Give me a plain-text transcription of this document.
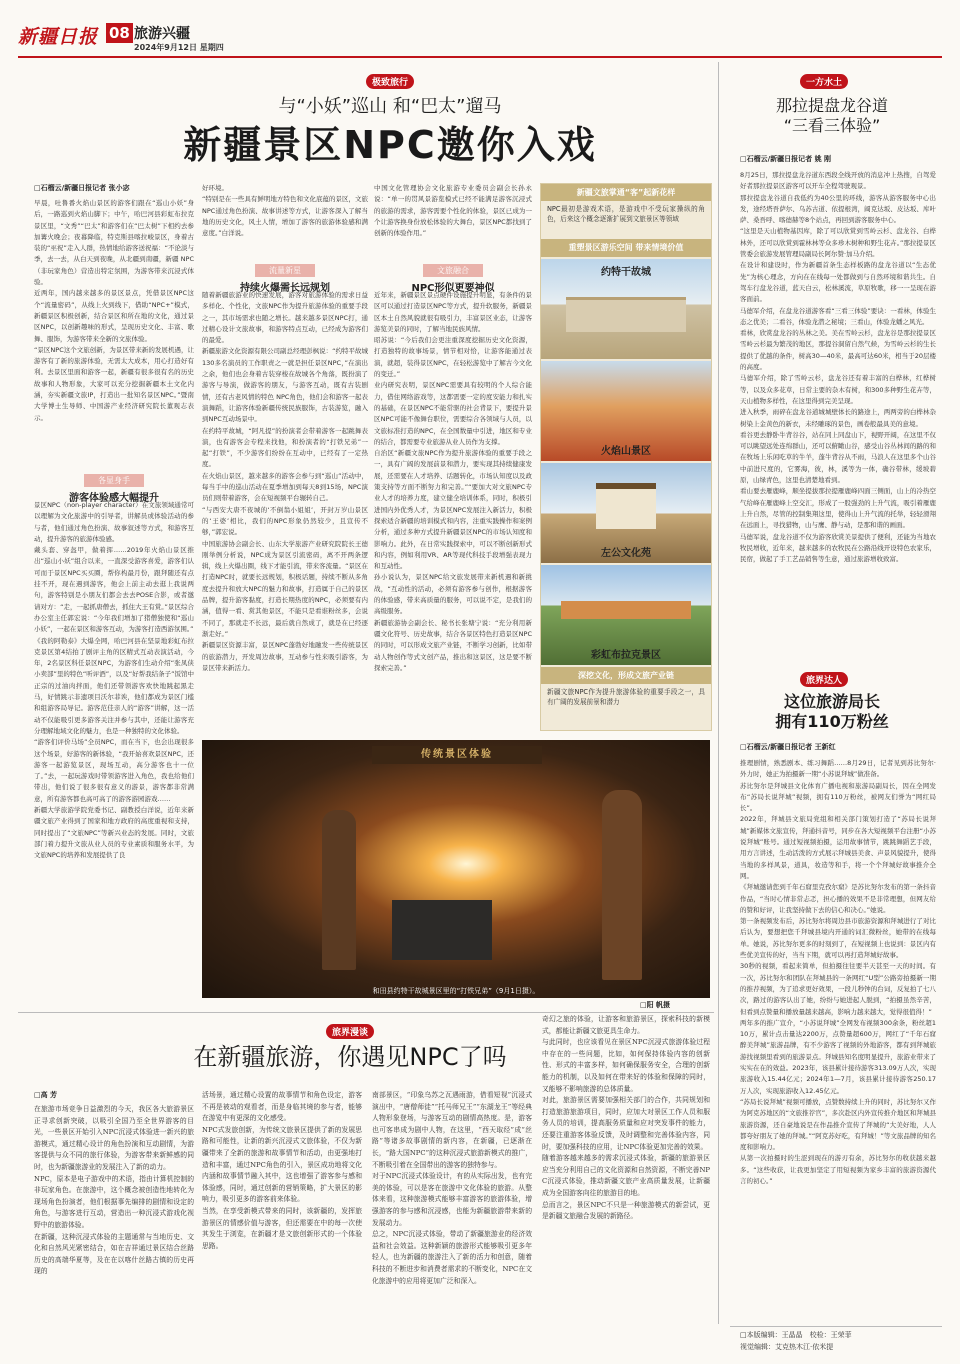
新疆日报 08 旅游兴疆
2024年9月12日 星期四
极致旅行
与“小妖”巡山 和“巴太”遛马
新疆景区NPC邀你入戏
□石榴云/新疆日报记者 张小宓
早晨，吐鲁番火焰山景区的游客们跟在“巡山小妖”身后，一路巡到火焰山脚下；中午，哈巴河县彩虹布拉克景区里，“文秀”“巴太”和游客们在“巴太树”下相约去参加篝火晚会；夜幕降临，特克斯县喀拉峻景区，身着古装的“巫祝”走入人群，热情地给游客送祝福：“不论淡与季，去一去，从白天到夜晚，从北疆到南疆，新疆 NPC（非玩家角色）营造出特定氛围，为游客带来沉浸式体验。
近两年，国内越来越多的景区景点，凭借景区NPC这个“流量密码”，从线上火到线下，借助“NPC+”模式，新疆景区积极创新，结合景区和所在地的文化，通过景区NPC，以创新趣味的形式，呈现历史文化、丰富、歌舞、服饰，为游客带来全新的文旅体验。
“景区NPC这个文旅创新，为景区带来新的发展机遇，让游客有了新的旅游体验，无需太大成本，用心打造好有利。去景区里面和游客一起，新疆有很多很有名的历史故事和人物形象，大家可以充分挖掘新疆本土文化内涵，夯实新疆文旅IP，打造出一批知名景区NPC。”暨南大学博士生导师、中国游产业经济研究院长董观志表示。
各显身手
游客体验感大幅提升
景区NPC（non-player character）在文旅领域通常可以理解为文化旅游中的引导者，讲解员或体验活动的参与者，他们通过角色扮演、故事叙述等方式，和游客互动，提升游客的旅游体验感。
戴头套、穿盔甲，做着挥……2019年火焰山景区推出“巡山小妖”组合以来，一直深受游客喜爱，游客们认可而于景区NPC买买圈，帮你构最月份，跟拜随还有点挂不开，现在遇到游客，他会上前主动去逛上我说两句，游客特别是小朋友们都会去去POSE合影，或者邀请对方：“走，一起抓唐僧去，抓住大王有赏。”景区综合办公室主任郭宏说：“今年我们增加了猪僧独使和“巡山小妖”，一起在景区和游客互动，为游客打造西游氛围。”
《我的阿勒泰》大爆全网，哈巴河县在坚景地彩虹布拉克景区第4结拍了剧评主角的区精式互动表演活动，今年，2名景区科任景区NPC，为游客们生动介绍“张凤侠小卖部”里的特色“听评酒”，以及“好帮我结条子”饭馆中正宗的过油肉拌面，他们还带领游客欢快地跳起黑走马，好情跳示非遗项目沃尔菲诶，他们都成为景区门槛和组游客局导记。游客范佳亲人的“游客”讲解，这一活动不仅能吸引更多游客关注并参与其中，还能让游客充分理解地域文化的魅力，也是一种独特的文化体验。
“游客们评价马场”全员NPC，而在当下，也会出现很多这个场景，好游客的新体验，“我开始喜欢景区NPC，还游客一起游览景区，现场互动，高分游客也十一位了。”去，一起玩游戏时带领游客进入角色，我也给他们带出，他们说了很多很有意义的游景，游客都非常满意，所有游客都也高可高了的游客游园游戏……
新疆大学旅游学院党委书记、副教授白洋说，近年来新疆文旅产业得到了国家和地方政府的高度重视和支持，同时提出了“文旅NPC”等新兴业态的发展。同时，文旅部门着力提升文旅从业人员的专业素质和服务水平，为文旅NPC的培养和发展提供了良
好环境。
“特别是在一些具有鲜明地方特色和文化底蕴的景区，文旅NPC通过角色扮演、故事讲述等方式，让游客深入了解当地的历史文化，风土人情，增加了游客的旅游体验感和满意度。”白洋说。
流量新星
持续火爆需长远规划
随着新疆旅游业的快速发展，游客对旅游体验的需求日益多样化、个性化，文旅NPC作为提升旅游体验的重要手段之一，其市场需求也随之增长。越来越多景区NPC打，通过精心设计文旅故事，和游客特点互动，已经成为游客们的最爱。
新疆旅游文化资源有限公司副总经理彭枫说：“约特平故城130多名演员的工作职责之一就是担任景区NPC，”在演出之余，他们也会身着古装穿梭在故城各个角落，既扮演了游客与导演，做游客的朋友，与游客互动，既有古装剧情，还有古老风情的特色 NPC角色，他们会和游客一起表演舞蹈，让游客体验新疆传统民族服饰，古装游览，融入到NPC互动场景中。
在约特平故城，“阿凡提”的扮演者会带着游客一起跳舞表演，也有游客会专程来找他，和扮演者的“打铁兄弟”一起“打铁”，不少游客们纷纷在互动中，已经有了一定热度。
在火焰山景区，越来越多的游客会参与到“巡山”活动中，每当手中的巡山活动在夏季增加到每天8到15场，NPC演员们则带着游客，会在短视频平台辗转自己。
“与西安大唐不夜城的‘不倒翁小姐姐’，开封万岁山景区的‘王婆’相比，我们的NPC形象仍然较少，且宣传不够，”郭宏说。
中国旅游协会副会长、山东大学旅游产业研究院院长王德刚举例分析说，NPC成为景区引流密码，离不开两条逻辑，线上火爆出圈，线下才能引流，带来客流量。“景区在打造NPC时，就要长远规划，积极话题，持续不断从多角度去提升和放大NPC的魅力和故事，打造属于自己的景区品牌，提升游客黏度，打造长期热度的NPC，必须要有内涵，值得一看、赏其他景区，不能只是看谁粉丝多，会说不同了，那就走不长远，最后就自然成了，就是在已经逐渐走好。”
新疆景区资源丰富，景区NPC蓬勃好地融发一些传统景区的旅游潜力，开发周边故事，互动参与性来吸引游客，为景区带来新活力。
中国文化管理协会文化旅游专业委员会副会长孙永说：“单一的贯风景游览模式已经不能满足游客沉浸式的旅游的需求，游客需要个性化的体验，景区已成为一个让游客换身份放松体验的大舞台，景区NPC都找到了创新的体验作用。”
文旅融合
NPC形似更要神似
近年来，新疆景区景点硬件设施提升明显，有条件的景区可以通过打造景区NPC等方式，提升软服务，新疆景区本土自然风貌就很有吸引力，丰富景区业态，让游客游览美景的同时，了解当地民族风情。
昭苏说：“今后我们会更注重深度挖掘历史文化资源，打造独特的故事场景，情节相对恰，让游客能通过表演，就超，装得景区NPC，在轻松游览中了解古今文化的变迁。”
业内研究表明，景区NPC需要具有较明的个人综合能力，借住网络游戏等，这都需要一定的度安能力和扎实的基础，在景区NPC不能常驱的社会背景下，要提升景区NPC可能不像舞台职位，需要综合各领域与人员，以文旅标准打造的NPC，在全国数量中引进，地区和专业的结合，都需要专业旅游从业人员作为支撑。
自治区“新疆文旅NPC作为提升旅游体验的重要手段之一，具有广阔的发展前景和潜力，要实现其持续健康发展，还需要在人才培养、话题转化，市场认知度以及政策支持等方面不断努力和完善。”“要加大对文旅NPC专业人才的培养力度，建立健全培训体系，同时，积极引进国内外优秀人才，为景区NPC发展注入新活力，积极探索适合新疆的培训模式和内容，注重实践操作和案例分析，通过多种方式提升新疆景区NPC的市场认知度和影响力。此外，在日常实践探索中，可以不断创新形式和内容，例如利用VR、AR等现代科技手段增强表现力和互动性。
孙小说认为，景区NPC给文旅发展带来新机遇和新挑战，“互动性的活动，必须有游客参与创作，根据游客的体验感，带来高质量的服务，可以说不定，是我们的高级服务。
新疆旅游协会副会长、秘书长张塘宁说：“充分利用新疆文化符号、历史故事，结合各景区特色打造景区NPC的同时，可以形成文旅产业链，不断学习创新，比如带动人物创作等式文创产品，推出和这景区，这是要不断探索完善。”
新疆文旅掌通“客”起新花样
NPC最初是游戏术语，是游戏中不受玩家操纵的角色，后来这个概念逐渐扩展到文旅景区等领域
重塑景区游乐空间 带来情境价值
约特干故城
火焰山景区
左公文化苑
彩虹布拉克景区
深挖文化，形成文旅产业链
新疆文旅NPC作为提升旅游体验的重要手段之一，具有广阔的发展前景和潜力
传统景区体验
和田县约特干故城景区里的“打铁兄弟”（9月1日摄）。
□阳 帆摄
一方水土
那拉提盘龙谷道
“三看三体验”
□石榴云/新疆日报记者 姚 刚
8月25日，那拉提盘龙谷道东西段全线开放的消息冲上热搜，自驾爱好者那拉提景区游客可以开车全程驾驶观景。
那拉提盘龙谷道自我低约为40公里的环线，游客从游客服务中心出发，途经塔吾萨尔、乌苏古道、依提根湾，阔克达坂、皮达坂、库叶萨、桑吾呼、喀德赫等8个站点，再回到游客服务中心。
“这里是天山植物基因库，除了可以欣赏到雪岭云杉、盘龙谷、白桦林外，还可以欣赏到霍林林等众多珍木树种和野生花卉。”那拉提景区管委会旅游发展管理局副局长阿尔赞·加马介绍。
在设计和建设时，作为新疆首条生态样板路的盘龙谷道以“生态优先”为核心理念，方向在在线每一处都做到与自然环境和谐共生。自驾车行盘龙谷道，蓝天白云，松林溪流，草原牧歌，移一一呈现在游客面前。
马德军介绍，在盘龙谷道游客看“三看三体验”要诀：一看林，体验生态之优美；二看谷，体验龙潜之秘境；三看山，体验龙蟠之风光。
看林，欣赏盘龙谷的丛林之美。美在雪岭云杉，盘龙谷是那拉提景区雪岭云杉最为繁茂的地区，那提谷洞留自然气候，为雪岭云杉的生长提供了优越的条件，树高30—40米，最高可达60米，相当于20层楼的高度。
马德军介绍，除了雪岭云杉，盘龙谷还有着丰富的白桦林，红桦树等，以及众多花草，日常主要的杂木有树，和300多种野生花卉等，天山植物多样性，在这里得到完美呈现。
进入秋季，雨碎在盘龙谷道城城壁体长的路途上，两两旁的白桦林杂树染上金黄色的新衣，未经雕琢的景色，画卷般最具美的意境。
看谷更去静卧牛背谷谷，站在同上同盘山下，视野开阔，在这里不仅可以眺望远处连绵群山，还可以俯瞰山谷，感受山谷丛林间的路的和在牧场上乐闲吃草的牛羊，蓬牛背谷从不雨，马浪人在这里多个山谷中前进尺度的，它雾海，彼，林，溪等为一体，确谷带林，缓坡碧原，山绿青色，这里也清楚地看到。
看山要去雁鹿峰，顺坐提拔那拉提雁鹿峰四面三侧面，山上的冷热空气给峰在雁鹿峰上空交汇，形成了一股强劲的上升气流，吸引着雁鹿上升自然，尽管的控制集翔这里，使得山上升气流的托举，轻轻滑翔在远面上，寻找猎物，山与鹰、静与动，是那和谐的画面。
马德军说，盘龙谷道不仅为游客欣赏美景提供了便利，还能为当地农牧民增收，近年来，越来越多的农牧民在公路沿线开设特色农家乐，民宿，做起了手工艺品销售等生意，通过旅游增收致富。
旅界达人
这位旅游局长
拥有110万粉丝
□石榴云/新疆日报记者 王新红
推理剧情，熟悉剧本、练习舞蹈……8月29日，记者见到苏比努尔·外力时，她正为拍摄新一期“小苏说拜城”做准备。
苏比努尔是拜城县文化体育广播电视和旅游局副局长，因在全网发布“苏局长说拜城”视频，拥有110万粉丝，被网友们誉为“网红局长”。
2022年，拜城县文旅局党组和相关部门策划打造了“苏局长说拜城”新媒体文旅宣传，拜通抖音号，同步在各大短视频平台注册“小苏说拜城”账号。通过短视频拍摄，运用故事情节，跳跳舞蹈艺手段，用方言讲述，生动活泼的方式展示拜城县美食、声景风貌提升，使得当地的多样风景，道具，妆造等和手，将一个个拜城好故事推介全网。
《拜城邀请您到千年石窟里克孜尔窟》是苏比努尔发布的第一条抖音作品，“当时心情非常忐忑，担心播的效果不是非常理想，但网友给的赞和好评，让我坚持做下去的信心和决心。”她说。
第一条视频发布后，苏比努尔将周边县市旅游资源和拜城进行了对比后认为，要想把您千拜城县境内开通的词汇微粉丝，她带的在线每单。她说，苏比努尔更多的时刻到了，在短视频上也说到：景区内有些优美宣传的好，当当下期，就可以再打造拜城好故事。
30秒的视频，看起来简单，但拍摄往往要半天甚至一天的时间。有一次，苏比努尔和团队在拜城县的一条网红“U型”公路旁拍摄新一期的推荐视频，为了追求更好效果，一段儿秒钟的台词，反复拍了七八次，路过的游客认出了她，纷纷与她进起人脱到，“拍摄虽然辛苦，但看到点赞量和播放量越来越高，影响力越来越大，觉得很值得！”
两年多的推广宣介，“小苏说拜城”全网发布视频300余条，粉丝超110万，累计点击量达2200万，点赞量超600万，网红了“千年石窟 醉美拜城”旅游品牌，有不少游客了视频的外地游客，都有到拜城旅游找视频里看到的旅游景点。拜城县知名度明显提升，旅游业带来了实实在在的效益。2023年，该县累计接待游客313.09万人次，实现旅游收入15.44亿元；2024年1—7月，该县累计接待游客250.17万人次，实现旅游收入12.45亿元。
“苏局长说拜城”视频可播放，点赞数持续上升的同时，苏比努尔又作为阿克苏地区的“文旅推荐官”，多次赴区内外宣传推介地区和拜城县旅游资源，还自豪地说是在作品推介宣传了拜城的“大美好地，人人都夸好朋友了她的拜城。”“阿克苏好吃，有拜城！”等文旅品牌的知名度和影响力。
从第一次拍摄时的生涩到现在的游刃有余，苏比努尔的收获越来越多。“这些收获，让我更加坚定了用短视频为家乡丰富的旅游资源代言的初心。”
旅界漫谈
在新疆旅游，你遇见NPC了吗
□高 芳
在旅游市场竞争日益激烈的今天，我区各大旅游景区正寻求创新突破，以吸引全国乃至全世界游客的目光，一些景区开始引入NPC沉浸式体验进一新兴的旅游模式，通过精心设计的角色扮演和互动剧情，为游客提供与众不同的旅行体验，为游客带来新鲜感的同时，也为新疆旅游业的发展注入了新的动力。
NPC，原本是电子游戏中的术语，指由计算机控制的非玩家角色。在旅游中，这个概念被创造性地转化为现场角色扮演者，他们根据事先编排的剧情和设定的角色，与游客进行互动，营造出一种沉浸式游戏化视野中的旅游体验。
在新疆，这种沉浸式体验的主题通常与当地历史、文化和自然风光紧密结合，如在吉祥通过景区结合丝路历史的高端华夏等，及在在以喀什丝路古镇的历史再现的
活场景，通过精心设置的故事情节和角色设定，游客不再是被动的观看者，而是身临其境的参与者，能够在游览中有更深的文化感受。
NPC式发旅创新，为传统文旅景区提供了新的发展思路和可能性，让新的新兴沉浸式文旅体验，不仅为新疆带来了全新的旅游和故事情节和活动，由更强地打造和丰富，通过NPC角色的引入，景区成功地将文化内涵和故事情节融入其中，这也增强了游客参与感和体验感，同时，通过创新的营销策略，扩大景区的影响力，吸引更多的游客前来体验。
当然，在享受新模式带来的同时，该新疆的，发挥旅游景区的情感价值与游客，但还需要在中的每一次使其发生于浏览，在新疆才是文旅创新形式的一个体验思路。
南部景区，“印象乌苏之瓦遇雨游，借看短视”沉浸式演出中，“唐僧师徒”“托马师兄王”“东湖龙王”等经典人物形象登场，与游客互动的剧情高热度。是，游客也可客串成为剧中人物，在这里，“西天取经”成“丝路”等诸多故事剧情的新内容，在新疆，已逐渐在长，“路大国NPC”的这种沉浸式旅游新模式的推广，不断吸引着在全国带出的游客的独特参与。
对于NPC沉浸式体验设计，有的从实际出发，也有完美的体验，可以是客在旅游中文化体验的旅游。从整体来看，这种旅游模式能够丰富游客的旅游体验，增强游客的参与感和沉浸感，也能为新疆旅游带来新的发展动力。
总之，NPC沉浸式体验，带动了新疆旅游业的经济效益和社会效益。这种新颖的旅游形式能够吸引更多年轻人，也为新疆的旅游注入了新的活力和创意，随着科技的不断进步和消费者需求的不断变化，NPC在文化旅游中的应用将更加广泛和深入。
奇幻之旅的体验，让游客和旅游景区，探索科技的新模式，都能让新疆文旅更具生命力。
与此同时，也应该看见在景区NPC沉浸式旅游体验过程中存在的一些问题，比如，如何保持体验内容的创新性、形式的丰富多样，如何确保服务安全，合理的创新能力的机制，以及如何在带来好的体验和保障的同时，又能够不影响旅游的总体质量。
对此，旅游景区需要加强相关部门的合作，共同规划和打造旅游旅游项目，同时，应加大对景区工作人员和服务人员的培训，提高服务质量和应对突发事件的能力，还要注重游客体验反馈，及时调整和完善体验内容，同时，要加强科技的应用，让NPC体验更加完善的效果。
随着游客越来越多的需求沉浸式体验，新疆的旅游景区应当充分利用自己的文化资源和自然资源，不断完善NPC沉浸式体验，推动新疆文旅产业高质量发展，让新疆成为全国游客向往的旅游目的地。
总而言之，景区NPC不只是一种旅游模式的新尝试，更是新疆文旅融合发展的新路径。
□本版编辑：王晶晶　校检：王荣菲
视觉编辑：艾克热木江·依米提
